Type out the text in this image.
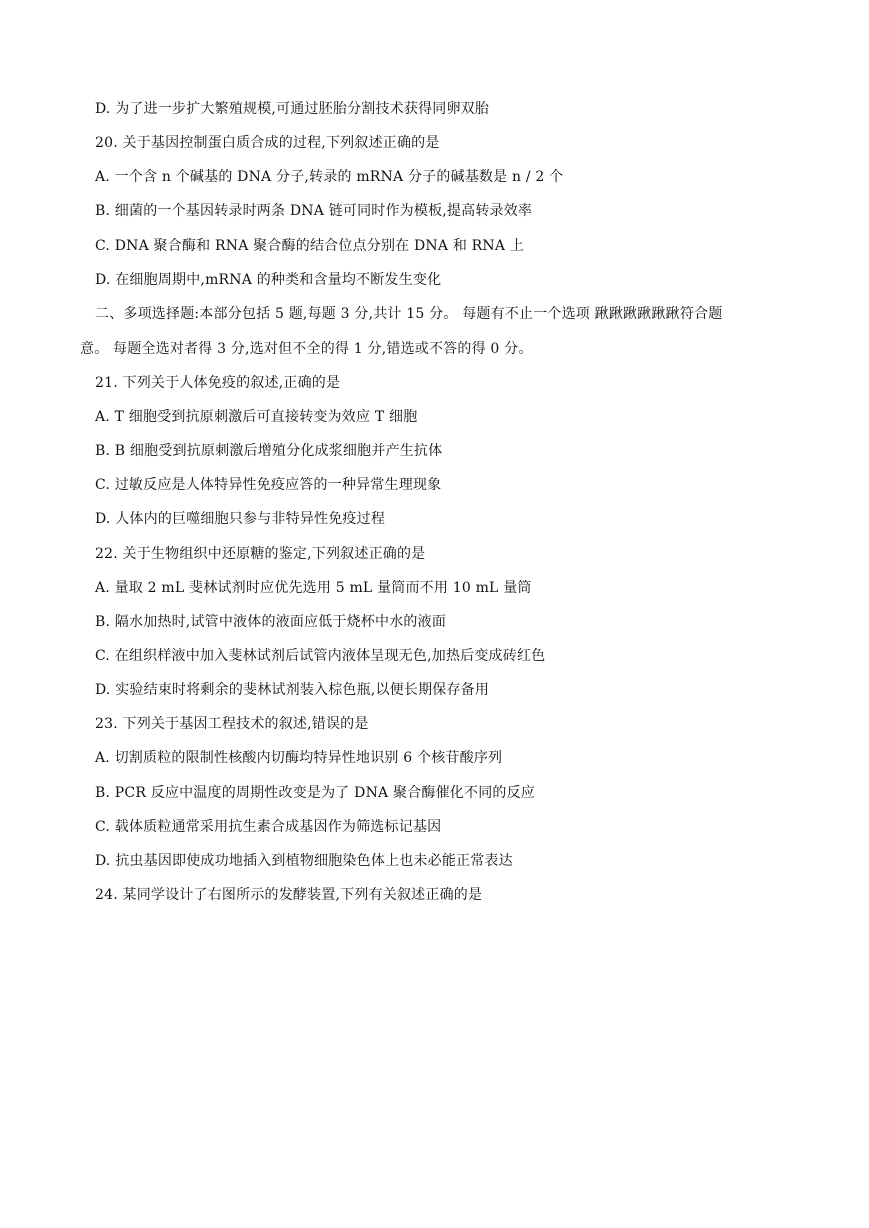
D. 为了进一步扩大繁殖规模,可通过胚胎分割技术获得同卵双胎
20. 关于基因控制蛋白质合成的过程,下列叙述正确的是
A. 一个含 n 个碱基的 DNA 分子,转录的 mRNA 分子的碱基数是 n / 2 个
B. 细菌的一个基因转录时两条 DNA 链可同时作为模板,提高转录效率
C. DNA 聚合酶和 RNA 聚合酶的结合位点分别在 DNA 和 RNA 上
D. 在细胞周期中,mRNA 的种类和含量均不断发生变化
二、多项选择题:本部分包括 5 题,每题 3 分,共计 15 分。 每题有不止一个选项 踿踿踿踿踿踿符合题
意。 每题全选对者得 3 分,选对但不全的得 1 分,错选或不答的得 0 分。
21. 下列关于人体免疫的叙述,正确的是
A. T 细胞受到抗原刺激后可直接转变为效应 T 细胞
B. B 细胞受到抗原刺激后增殖分化成浆细胞并产生抗体
C. 过敏反应是人体特异性免疫应答的一种异常生理现象
D. 人体内的巨噬细胞只参与非特异性免疫过程
22. 关于生物组织中还原糖的鉴定,下列叙述正确的是
A. 量取 2 mL 斐林试剂时应优先选用 5 mL 量筒而不用 10 mL 量筒
B. 隔水加热时,试管中液体的液面应低于烧杯中水的液面
C. 在组织样液中加入斐林试剂后试管内液体呈现无色,加热后变成砖红色
D. 实验结束时将剩余的斐林试剂装入棕色瓶,以便长期保存备用
23. 下列关于基因工程技术的叙述,错误的是
A. 切割质粒的限制性核酸内切酶均特异性地识别 6 个核苷酸序列
B. PCR 反应中温度的周期性改变是为了 DNA 聚合酶催化不同的反应
C. 载体质粒通常采用抗生素合成基因作为筛选标记基因
D. 抗虫基因即使成功地插入到植物细胞染色体上也未必能正常表达
24. 某同学设计了右图所示的发酵装置,下列有关叙述正确的是
